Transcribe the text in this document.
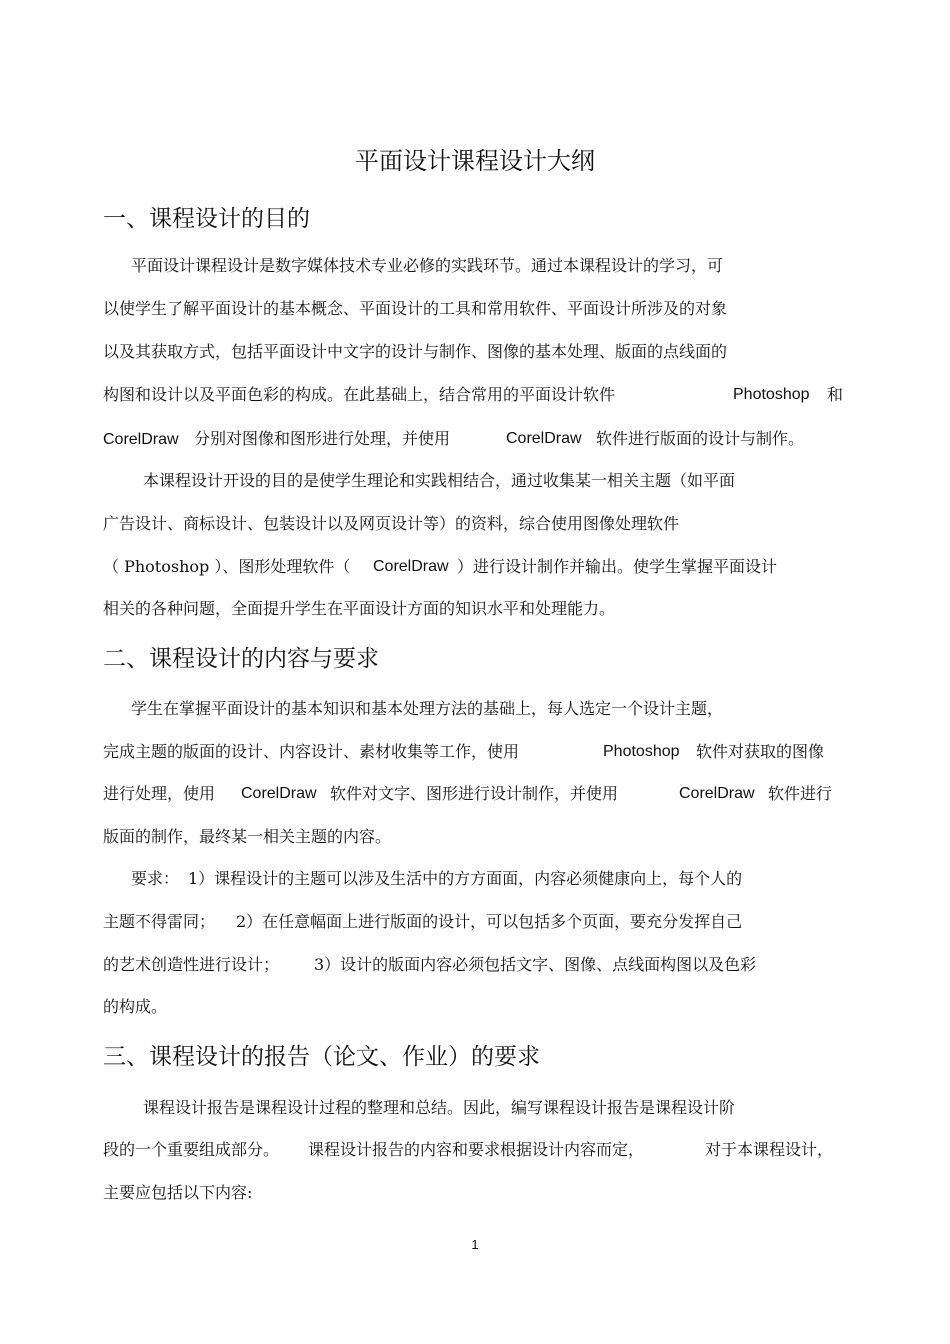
平面设计课程设计大纲
一、课程设计的目的
平面设计课程设计是数字媒体技术专业必修的实践环节。通过本课程设计的学习，可
以使学生了解平面设计的基本概念、平面设计的工具和常用软件、平面设计所涉及的对象
以及其获取方式，包括平面设计中文字的设计与制作、图像的基本处理、版面的点线面的
构图和设计以及平面色彩的构成。在此基础上，结合常用的平面设计软件	Photoshop 和
CorelDraw 分别对图像和图形进行处理，并使用	CorelDraw 软件进行版面的设计与制作。
本课程设计开设的目的是使学生理论和实践相结合，通过收集某一相关主题（如平面
广告设计、商标设计、包装设计以及网页设计等）的资料，综合使用图像处理软件
（ Photoshop ）、图形处理软件（ CorelDraw ）进行设计制作并输出。使学生掌握平面设计
相关的各种问题，全面提升学生在平面设计方面的知识水平和处理能力。
二、课程设计的内容与要求
学生在掌握平面设计的基本知识和基本处理方法的基础上，每人选定一个设计主题，
完成主题的版面的设计、内容设计、素材收集等工作，使用	Photoshop 软件对获取的图像
进行处理，使用 CorelDraw 软件对文字、图形进行设计制作，并使用	CorelDraw 软件进行
版面的制作，最终某一相关主题的内容。
要求： 1）课程设计的主题可以涉及生活中的方方面面，内容必须健康向上，每个人的
主题不得雷同； 2）在任意幅面上进行版面的设计，可以包括多个页面，要充分发挥自己
的艺术创造性进行设计； 3）设计的版面内容必须包括文字、图像、点线面构图以及色彩
的构成。
三、课程设计的报告（论文、作业）的要求
课程设计报告是课程设计过程的整理和总结。因此，编写课程设计报告是课程设计阶
段的一个重要组成部分。 课程设计报告的内容和要求根据设计内容而定，	对于本课程设计，
主要应包括以下内容:
1
